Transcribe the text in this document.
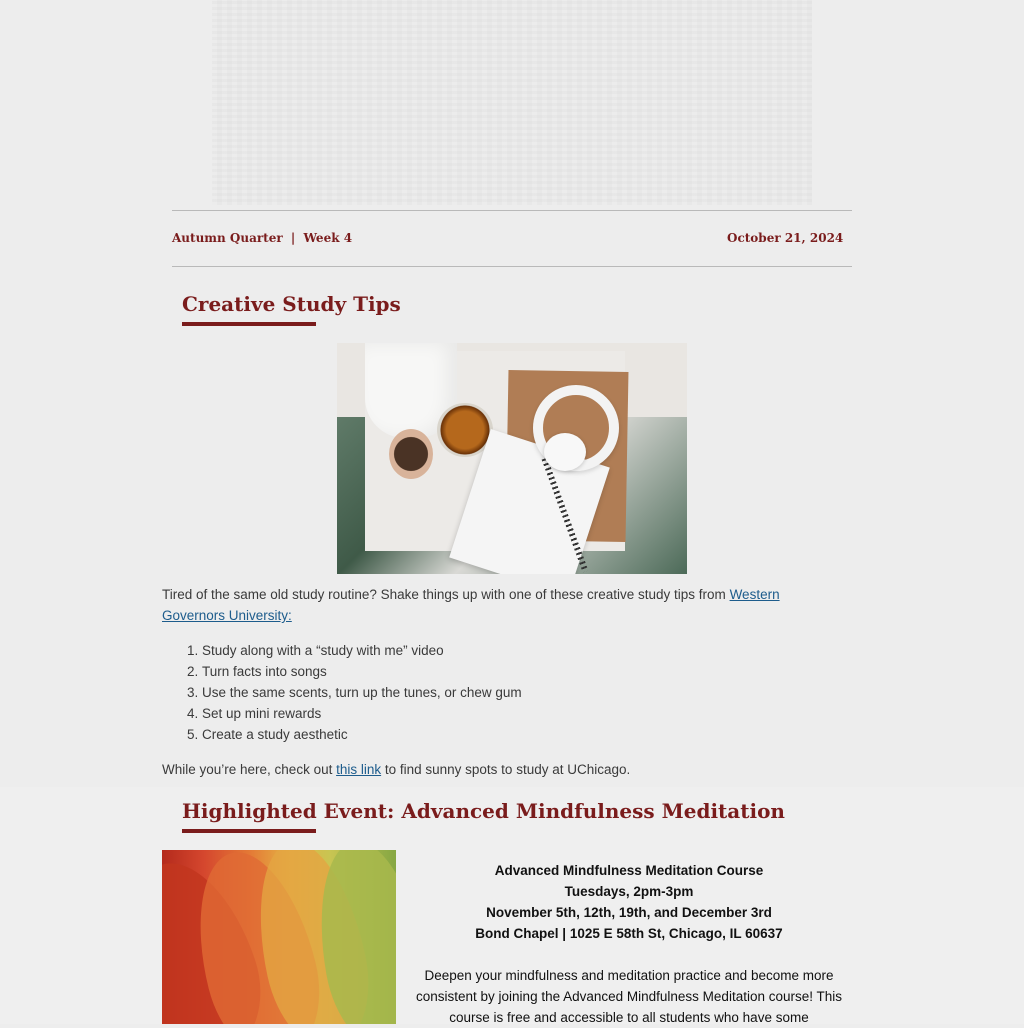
Autumn Quarter | Week 4	October 21, 2024
Creative Study Tips

Tired of the same old study routine? Shake things up with one of these creative study tips from Western Governors University:

1. Study along with a “study with me” video
2. Turn facts into songs
3. Use the same scents, turn up the tunes, or chew gum
4. Set up mini rewards
5. Create a study aesthetic

While you’re here, check out this link to find sunny spots to study at UChicago.

Highlighted Event: Advanced Mindfulness Meditation
Advanced Mindfulness Meditation Course
Tuesdays, 2pm-3pm
November 5th, 12th, 19th, and December 3rd
Bond Chapel | 1025 E 58th St, Chicago, IL 60637
Deepen your mindfulness and meditation practice and become more consistent by joining the Advanced Mindfulness Meditation course! This course is free and accessible to all students who have some
